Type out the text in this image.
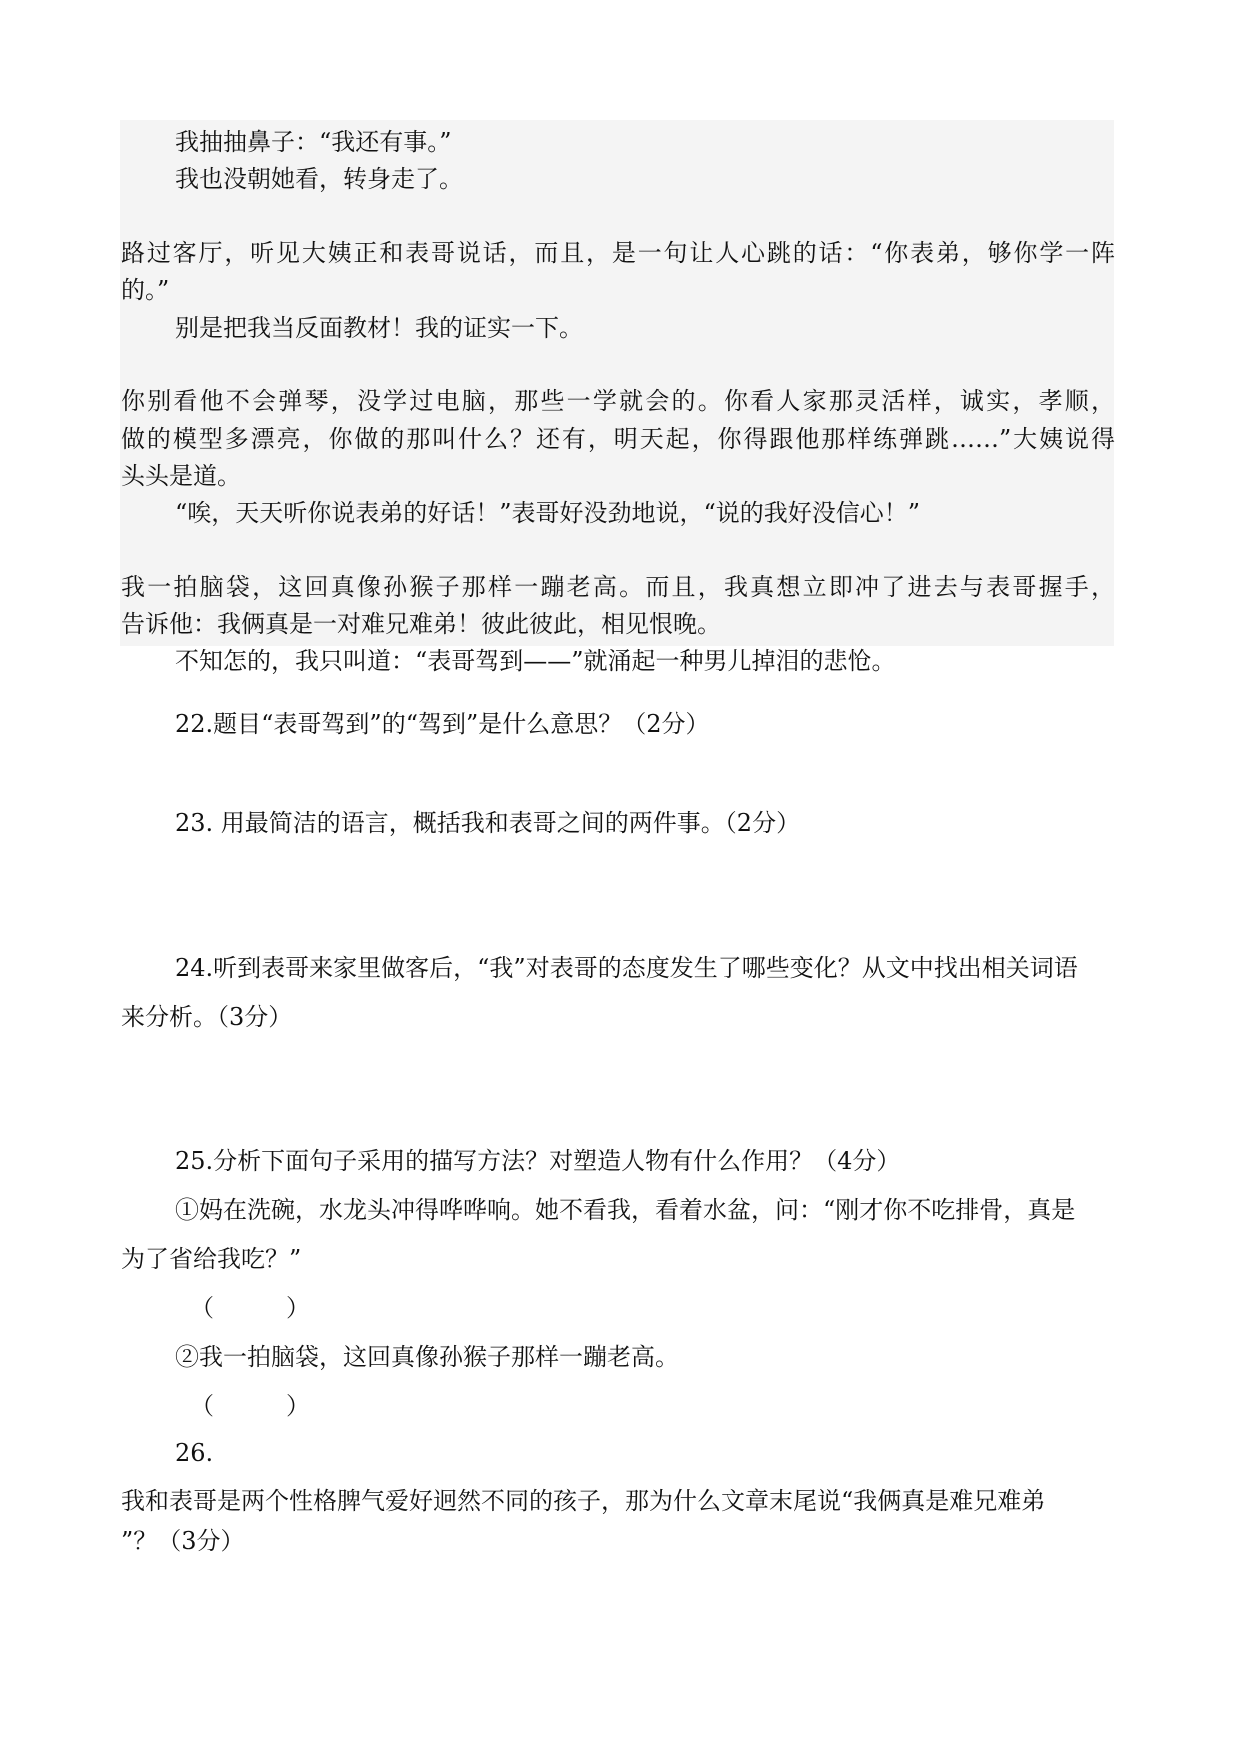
我抽抽鼻子：“我还有事。”
我也没朝她看，转身走了。
路过客厅，听见大姨正和表哥说话，而且，是一句让人心跳的话：“你表弟，够你学一阵
的。”
别是把我当反面教材！我的证实一下。
你别看他不会弹琴，没学过电脑，那些一学就会的。你看人家那灵活样，诚实，孝顺，
做的模型多漂亮，你做的那叫什么？还有，明天起，你得跟他那样练弹跳……”大姨说得
头头是道。
“唉，天天听你说表弟的好话！”表哥好没劲地说，“说的我好没信心！”
我一拍脑袋，这回真像孙猴子那样一蹦老高。而且，我真想立即冲了进去与表哥握手，
告诉他：我俩真是一对难兄难弟！彼此彼此，相见恨晚。
不知怎的，我只叫道：“表哥驾到——”就涌起一种男儿掉泪的悲怆。
22.题目“表哥驾到”的“驾到”是什么意思？（2分）
23. 用最简洁的语言，概括我和表哥之间的两件事。（2分）
24.听到表哥来家里做客后，“我”对表哥的态度发生了哪些变化？从文中找出相关词语
来分析。（3分）
25.分析下面句子采用的描写方法？对塑造人物有什么作用？（4分）
①妈在洗碗，水龙头冲得哗哗响。她不看我，看着水盆，问：“刚才你不吃排骨，真是
为了省给我吃？”
（　　　）
②我一拍脑袋，这回真像孙猴子那样一蹦老高。
（　　　）
26.
我和表哥是两个性格脾气爱好迥然不同的孩子，那为什么文章末尾说“我俩真是难兄难弟
”？（3分）
